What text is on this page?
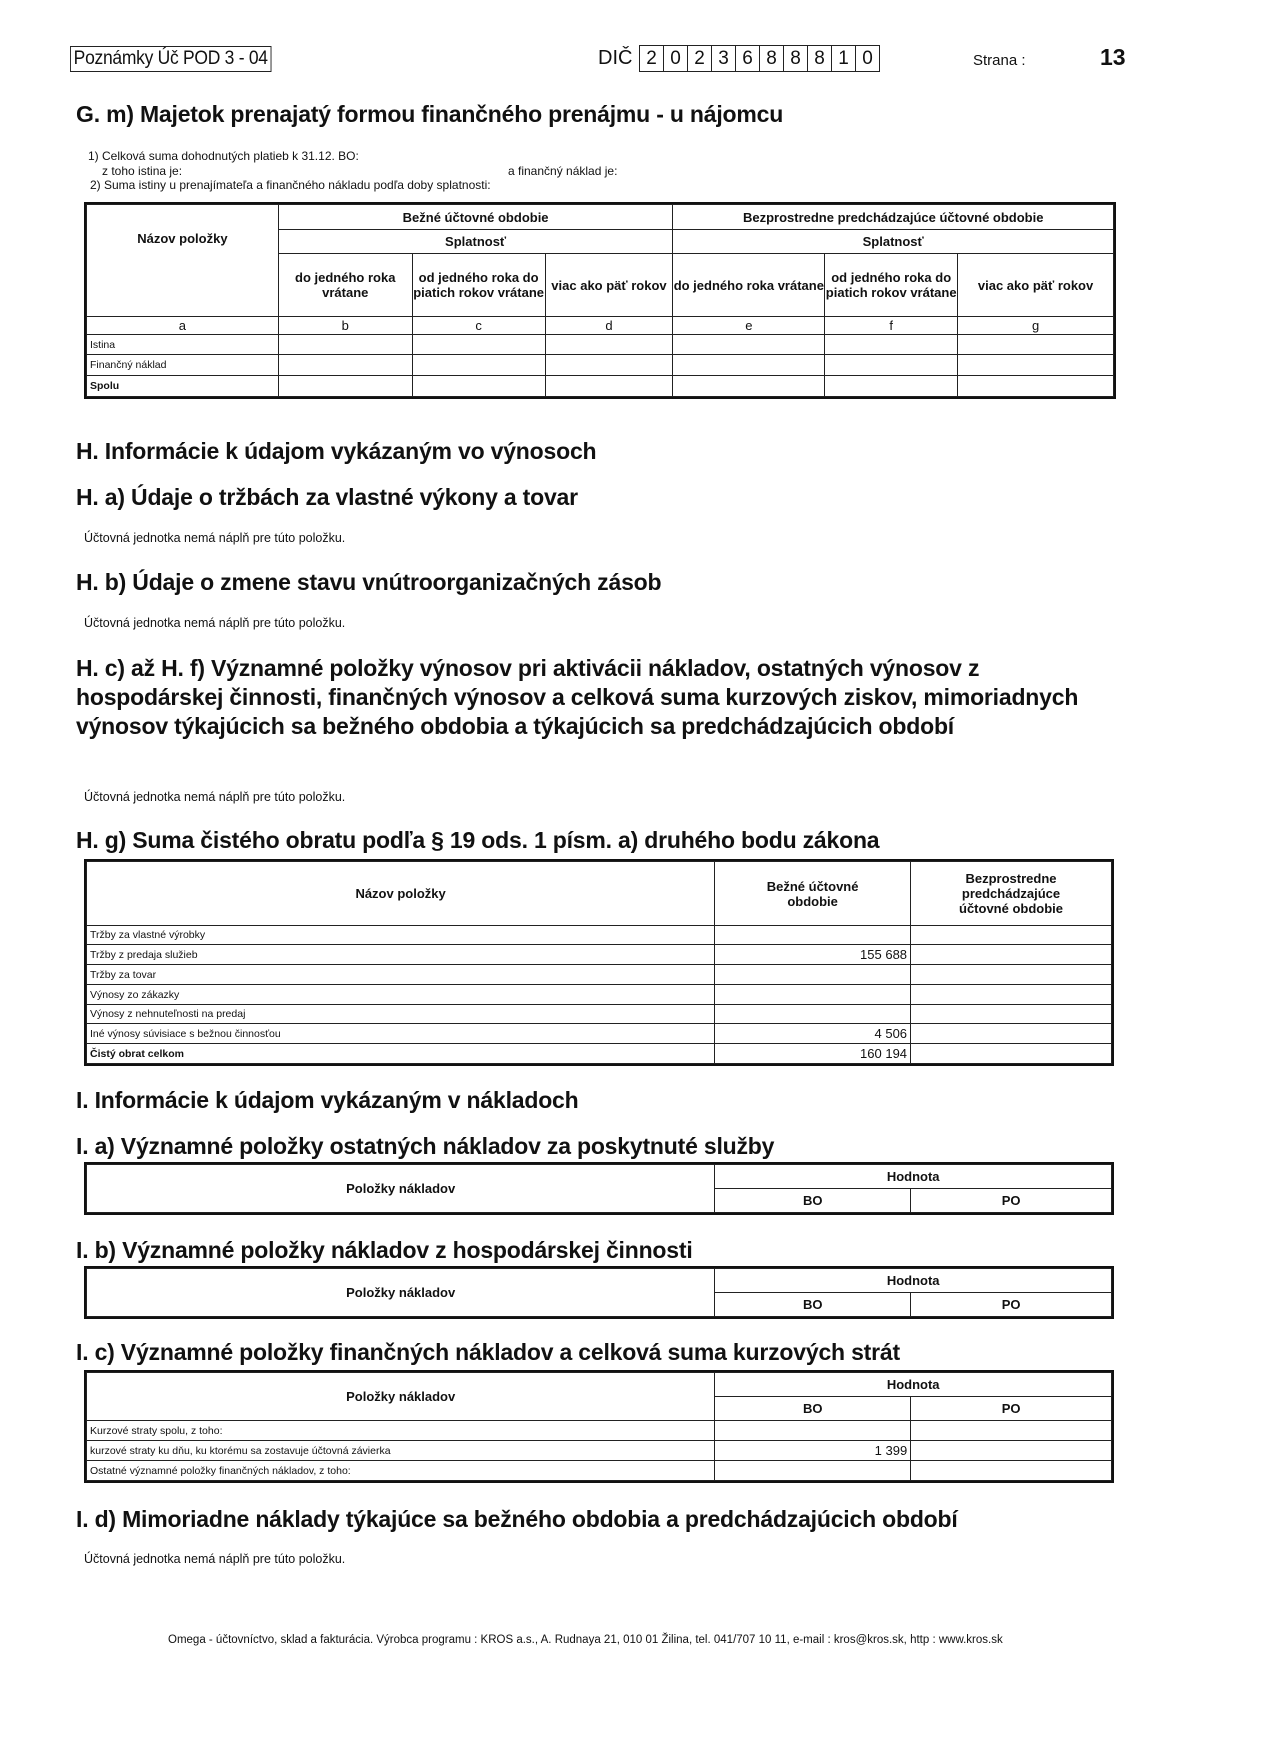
Poznámky Úč POD 3 - 04	DIČ 2 0 2 3 6 8 8 8 1 0	Strana :	13
G. m) Majetok prenajatý formou finančného prenájmu - u nájomcu
1) Celková suma dohodnutých platieb k 31.12. BO:
z toho istina je:	a finančný náklad je:
2) Suma istiny u prenajímateľa a finančného nákladu podľa doby splatnosti:
Názov položky	Bežné účtovné obdobie			Bezprostredne predchádzajúce účtovné obdobie		
	Splatnosť			Splatnosť		
	do jedného roka vrátane	od jedného roka do piatich rokov vrátane	viac ako päť rokov	do jedného roka vrátane	od jedného roka do piatich rokov vrátane	viac ako päť rokov
a	b	c	d	e	f	g
Istina						
Finančný náklad						
Spolu						
H. Informácie k údajom vykázaným vo výnosoch
H. a) Údaje o tržbách za vlastné výkony a tovar
Účtovná jednotka nemá náplň pre túto položku.
H. b) Údaje o zmene stavu vnútroorganizačných zásob
Účtovná jednotka nemá náplň pre túto položku.
H. c) až H. f) Významné položky výnosov pri aktivácii nákladov, ostatných výnosov z hospodárskej činnosti, finančných výnosov a celková suma kurzových ziskov, mimoriadnych výnosov týkajúcich sa bežného obdobia a týkajúcich sa predchádzajúcich období
Účtovná jednotka nemá náplň pre túto položku.
H. g) Suma čistého obratu podľa § 19 ods. 1 písm. a) druhého bodu zákona
Názov položky	Bežné účtovné obdobie	Bezprostredne predchádzajúce účtovné obdobie
Tržby za vlastné výrobky		
Tržby z predaja služieb	155 688	
Tržby za tovar		
Výnosy zo zákazky		
Výnosy z nehnuteľnosti na predaj		
Iné výnosy súvisiace s bežnou činnosťou	4 506	
Čistý obrat celkom	160 194	
I. Informácie k údajom vykázaným v nákladoch
I. a) Významné položky ostatných nákladov za poskytnuté služby
Položky nákladov	Hodnota	
	BO	PO
I. b) Významné položky nákladov z hospodárskej činnosti
Položky nákladov	Hodnota	
	BO	PO
I. c) Významné položky finančných nákladov a celková suma kurzových strát
Položky nákladov	Hodnota	
	BO	PO
Kurzové straty spolu, z toho:		
kurzové straty ku dňu, ku ktorému sa zostavuje účtovná závierka	1 399	
Ostatné významné položky finančných nákladov, z toho:		
I. d) Mimoriadne náklady týkajúce sa bežného obdobia a predchádzajúcich období
Účtovná jednotka nemá náplň pre túto položku.
Omega - účtovníctvo, sklad a fakturácia. Výrobca programu : KROS a.s., A. Rudnaya 21, 010 01 Žilina, tel. 041/707 10 11, e-mail : kros@kros.sk, http : www.kros.sk
